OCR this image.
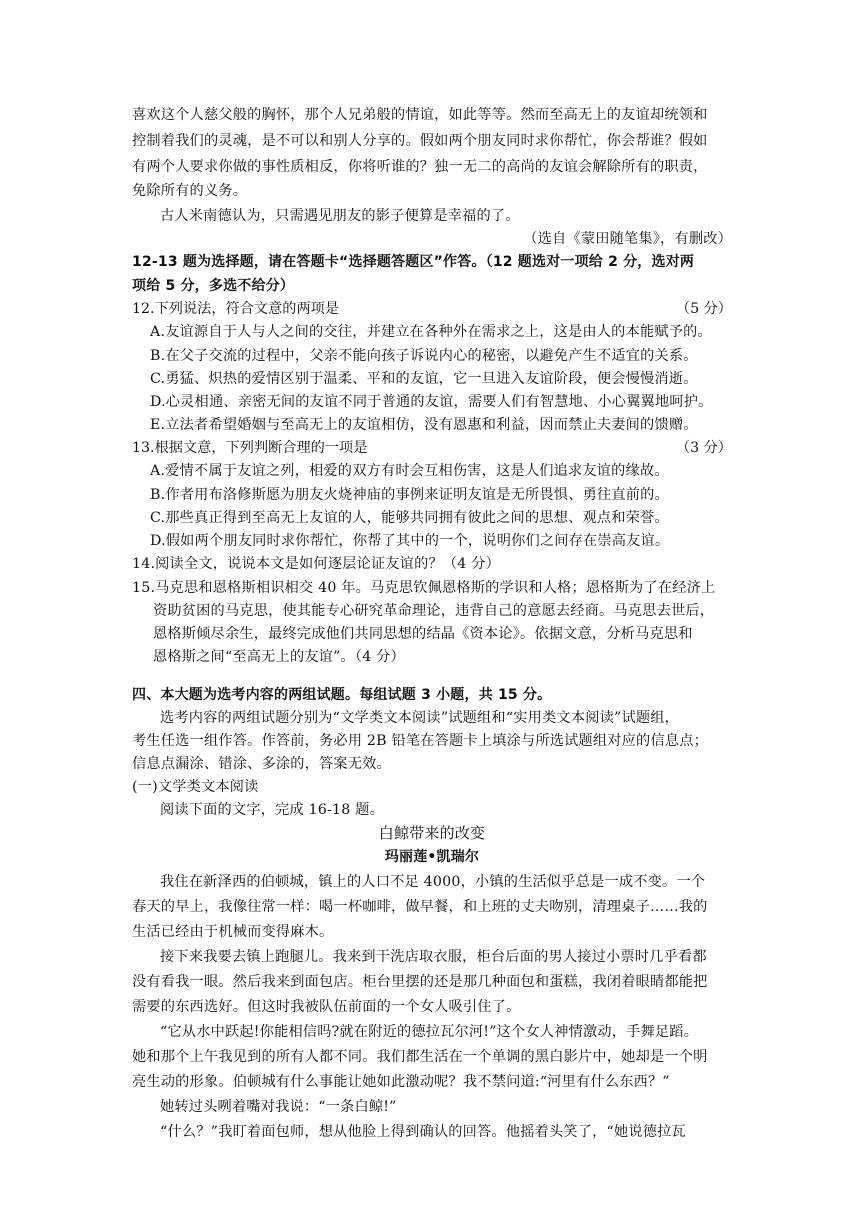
喜欢这个人慈父般的胸怀，那个人兄弟般的情谊，如此等等。然而至高无上的友谊却统领和
控制着我们的灵魂，是不可以和别人分享的。假如两个朋友同时求你帮忙，你会帮谁？假如
有两个人要求你做的事性质相反，你将听谁的？独一无二的高尚的友谊会解除所有的职责，
免除所有的义务。
古人米南德认为，只需遇见朋友的影子便算是幸福的了。
（选自《蒙田随笔集》，有删改）
12-13 题为选择题，请在答题卡“选择题答题区”作答。（12 题选对一项给 2 分，选对两
项给 5 分，多选不给分）
12.下列说法，符合文意的两项是	（5 分）
A.友谊源自于人与人之间的交往，并建立在各种外在需求之上，这是由人的本能赋予的。
B.在父子交流的过程中，父亲不能向孩子诉说内心的秘密，以避免产生不适宜的关系。
C.勇猛、炽热的爱情区别于温柔、平和的友谊，它一旦进入友谊阶段，便会慢慢消逝。
D.心灵相通、亲密无间的友谊不同于普通的友谊，需要人们有智慧地、小心翼翼地呵护。
E.立法者希望婚姻与至高无上的友谊相仿，没有恩惠和利益，因而禁止夫妻间的馈赠。
13.根据文意，下列判断合理的一项是	（3 分）
A.爱情不属于友谊之列，相爱的双方有时会互相伤害，这是人们追求友谊的缘故。
B.作者用布洛修斯愿为朋友火烧神庙的事例来证明友谊是无所畏惧、勇往直前的。
C.那些真正得到至高无上友谊的人，能够共同拥有彼此之间的思想、观点和荣誉。
D.假如两个朋友同时求你帮忙，你帮了其中的一个，说明你们之间存在崇高友谊。
14.阅读全文，说说本文是如何逐层论证友谊的？（4 分）
15.马克思和恩格斯相识相交 40 年。马克思钦佩恩格斯的学识和人格；恩格斯为了在经济上
资助贫困的马克思，使其能专心研究革命理论，违背自己的意愿去经商。马克思去世后，
恩格斯倾尽余生，最终完成他们共同思想的结晶《资本论》。依据文意，分析马克思和
恩格斯之间“至高无上的友谊”。（4 分）
四、本大题为选考内容的两组试题。每组试题 3 小题，共 15 分。
选考内容的两组试题分别为“文学类文本阅读”试题组和“实用类文本阅读”试题组，
考生任选一组作答。作答前，务必用 2B 铅笔在答题卡上填涂与所选试题组对应的信息点；
信息点漏涂、错涂、多涂的，答案无效。
(一)文学类文本阅读
阅读下面的文字，完成 16-18 题。
白鲸带来的改变
玛丽莲•凯瑞尔
我住在新泽西的伯顿城，镇上的人口不足 4000，小镇的生活似乎总是一成不变。一个
春天的早上，我像往常一样：喝一杯咖啡，做早餐，和上班的丈夫吻别，清理桌子……我的
生活已经由于机械而变得麻木。
接下来我要去镇上跑腿儿。我来到干洗店取衣服，柜台后面的男人接过小票时几乎看都
没有看我一眼。然后我来到面包店。柜台里摆的还是那几种面包和蛋糕，我闭着眼睛都能把
需要的东西选好。但这时我被队伍前面的一个女人吸引住了。
“它从水中跃起!你能相信吗?就在附近的德拉瓦尔河!”这个女人神情激动，手舞足蹈。
她和那个上午我见到的所有人都不同。我们都生活在一个单调的黑白影片中，她却是一个明
亮生动的形象。伯顿城有什么事能让她如此激动呢？我不禁问道:“河里有什么东西？”
她转过头咧着嘴对我说：“一条白鲸!”
“什么？”我盯着面包师，想从他脸上得到确认的回答。他摇着头笑了，“她说德拉瓦
